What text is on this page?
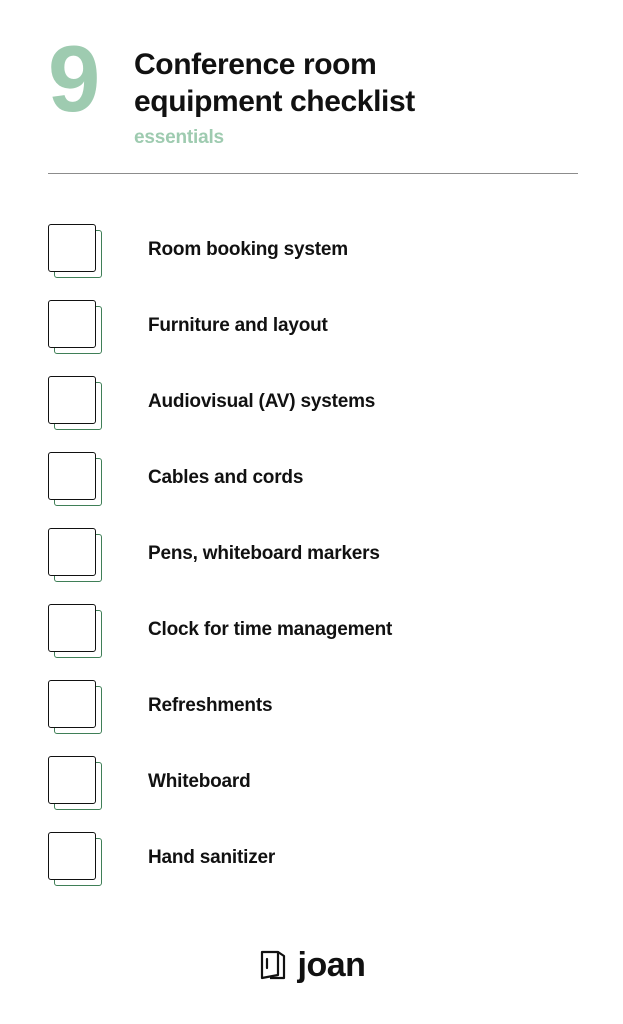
9	Conference room
equipment checklist
essentials
Room booking system
Furniture and layout
Audiovisual (AV) systems
Cables and cords
Pens, whiteboard markers
Clock for time management
Refreshments
Whiteboard
Hand sanitizer
joan
